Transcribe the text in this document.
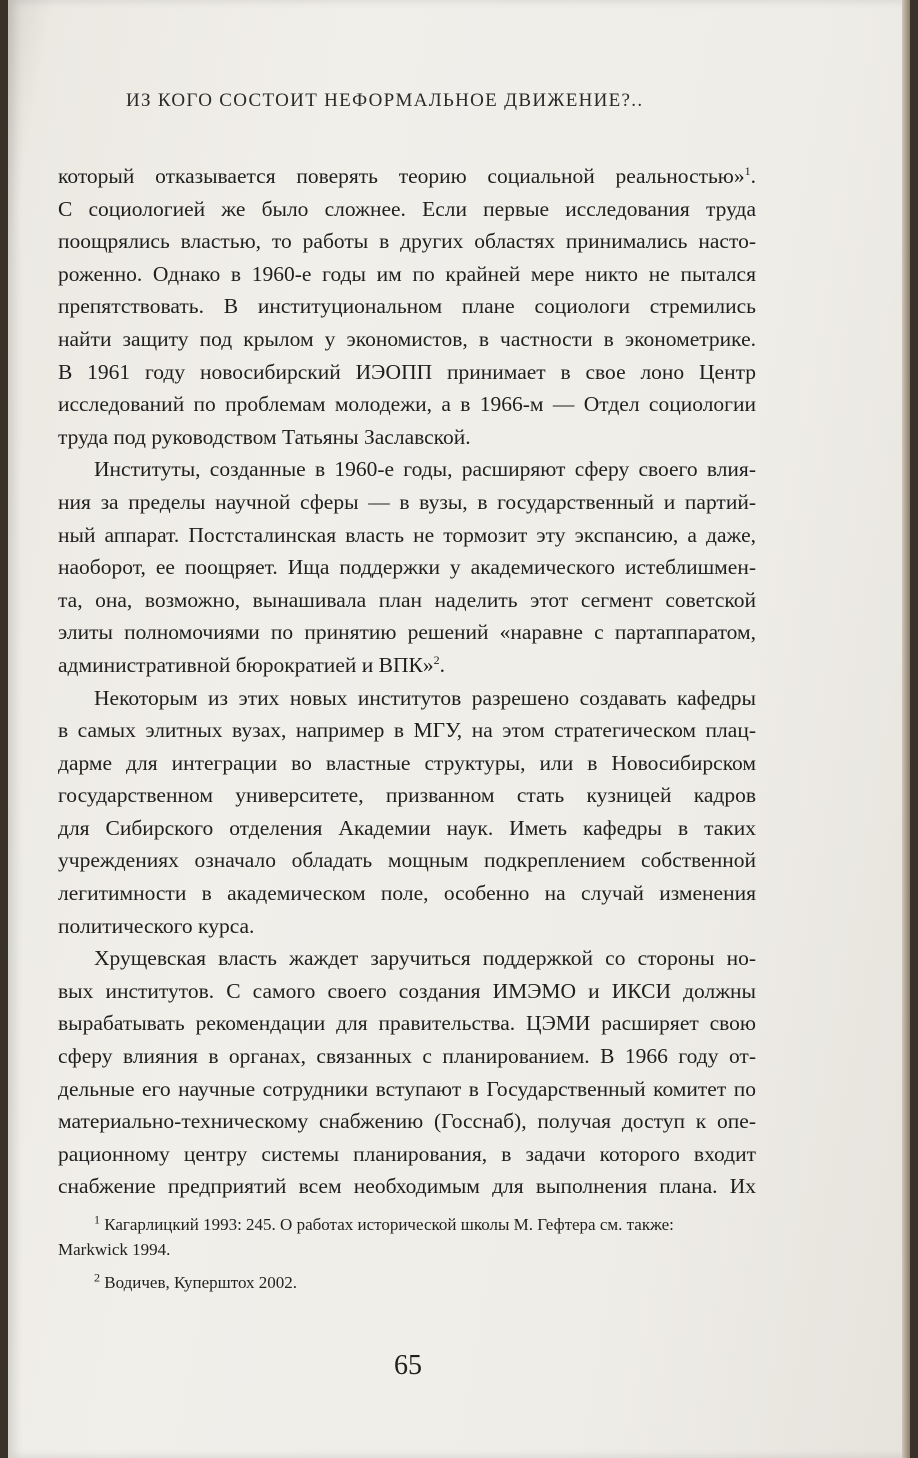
ИЗ КОГО СОСТОИТ НЕФОРМАЛЬНОЕ ДВИЖЕНИЕ?..
который отказывается поверять теорию социальной реальностью»$^1$.
С социологией же было сложнее. Если первые исследования труда
поощрялись властью, то работы в других областях принимались насто-
роженно. Однако в 1960-е годы им по крайней мере никто не пытался
препятствовать. В институциональном плане социологи стремились
найти защиту под крылом у экономистов, в частности в эконометрике.
В 1961 году новосибирский ИЭОПП принимает в свое лоно Центр
исследований по проблемам молодежи, а в 1966-м — Отдел социологии
труда под руководством Татьяны Заславской.
Институты, созданные в 1960-е годы, расширяют сферу своего влия-
ния за пределы научной сферы — в вузы, в государственный и партий-
ный аппарат. Постсталинская власть не тормозит эту экспансию, а даже,
наоборот, ее поощряет. Ища поддержки у академического истеблишмен-
та, она, возможно, вынашивала план наделить этот сегмент советской
элиты полномочиями по принятию решений «наравне с партаппаратом,
административной бюрократией и ВПК»$^2$.
Некоторым из этих новых институтов разрешено создавать кафедры
в самых элитных вузах, например в МГУ, на этом стратегическом плац-
дарме для интеграции во властные структуры, или в Новосибирском
государственном университете, призванном стать кузницей кадров
для Сибирского отделения Академии наук. Иметь кафедры в таких
учреждениях означало обладать мощным подкреплением собственной
легитимности в академическом поле, особенно на случай изменения
политического курса.
Хрущевская власть жаждет заручиться поддержкой со стороны но-
вых институтов. С самого своего создания ИМЭМО и ИКСИ должны
вырабатывать рекомендации для правительства. ЦЭМИ расширяет свою
сферу влияния в органах, связанных с планированием. В 1966 году от-
дельные его научные сотрудники вступают в Государственный комитет по
материально-техническому снабжению (Госснаб), получая доступ к опе-
рационному центру системы планирования, в задачи которого входит
снабжение предприятий всем необходимым для выполнения плана. Их
$^1$ Кагарлицкий 1993: 245. О работах исторической школы М. Гефтера см. также:
Markwick 1994.
$^2$ Водичев, Куперштох 2002.
65
